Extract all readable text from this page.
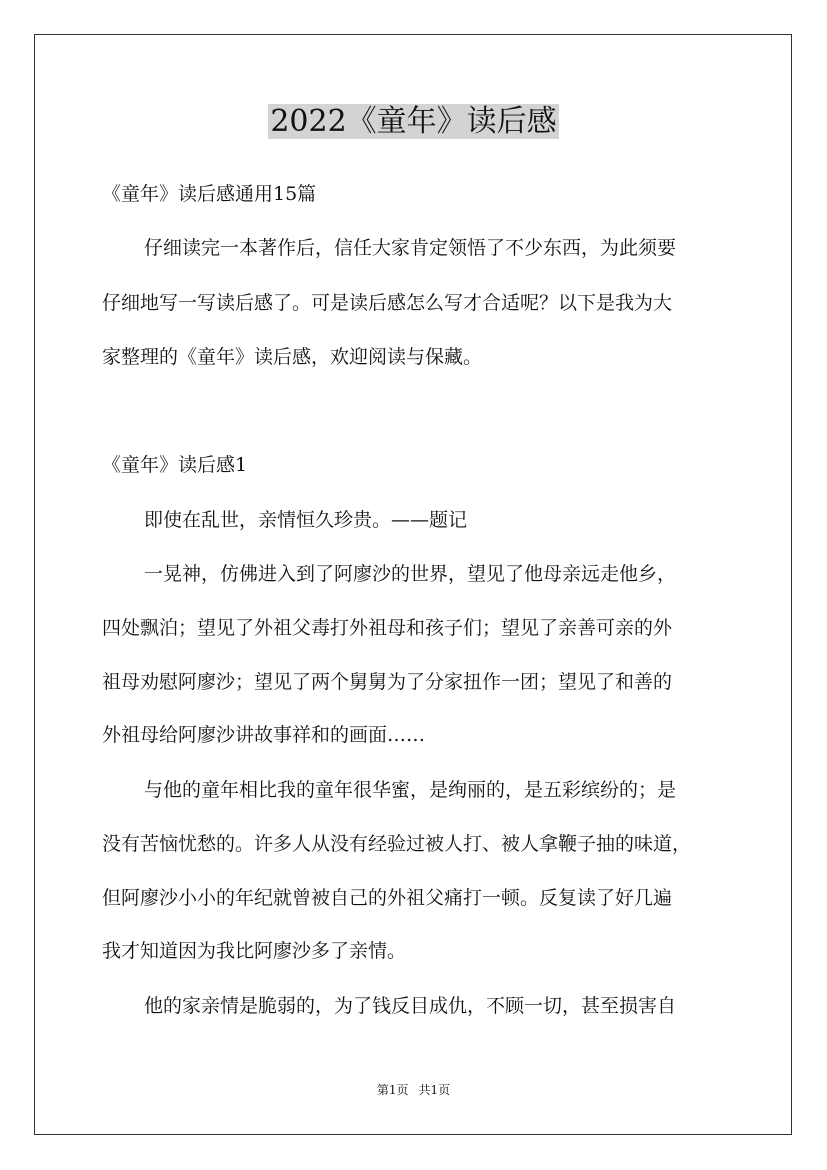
2022《童年》读后感
《童年》读后感通用15篇
仔细读完一本著作后，信任大家肯定领悟了不少东西，为此须要
仔细地写一写读后感了。可是读后感怎么写才合适呢？以下是我为大
家整理的《童年》读后感，欢迎阅读与保藏。
《童年》读后感1
即使在乱世，亲情恒久珍贵。——题记
一晃神，仿佛进入到了阿廖沙的世界，望见了他母亲远走他乡，
四处飘泊；望见了外祖父毒打外祖母和孩子们；望见了亲善可亲的外
祖母劝慰阿廖沙；望见了两个舅舅为了分家扭作一团；望见了和善的
外祖母给阿廖沙讲故事祥和的画面……
与他的童年相比我的童年很华蜜，是绚丽的，是五彩缤纷的；是
没有苦恼忧愁的。许多人从没有经验过被人打、被人拿鞭子抽的味道，
但阿廖沙小小的年纪就曾被自己的外祖父痛打一顿。反复读了好几遍
我才知道因为我比阿廖沙多了亲情。
他的家亲情是脆弱的，为了钱反目成仇，不顾一切，甚至损害自
第1页 共1页
